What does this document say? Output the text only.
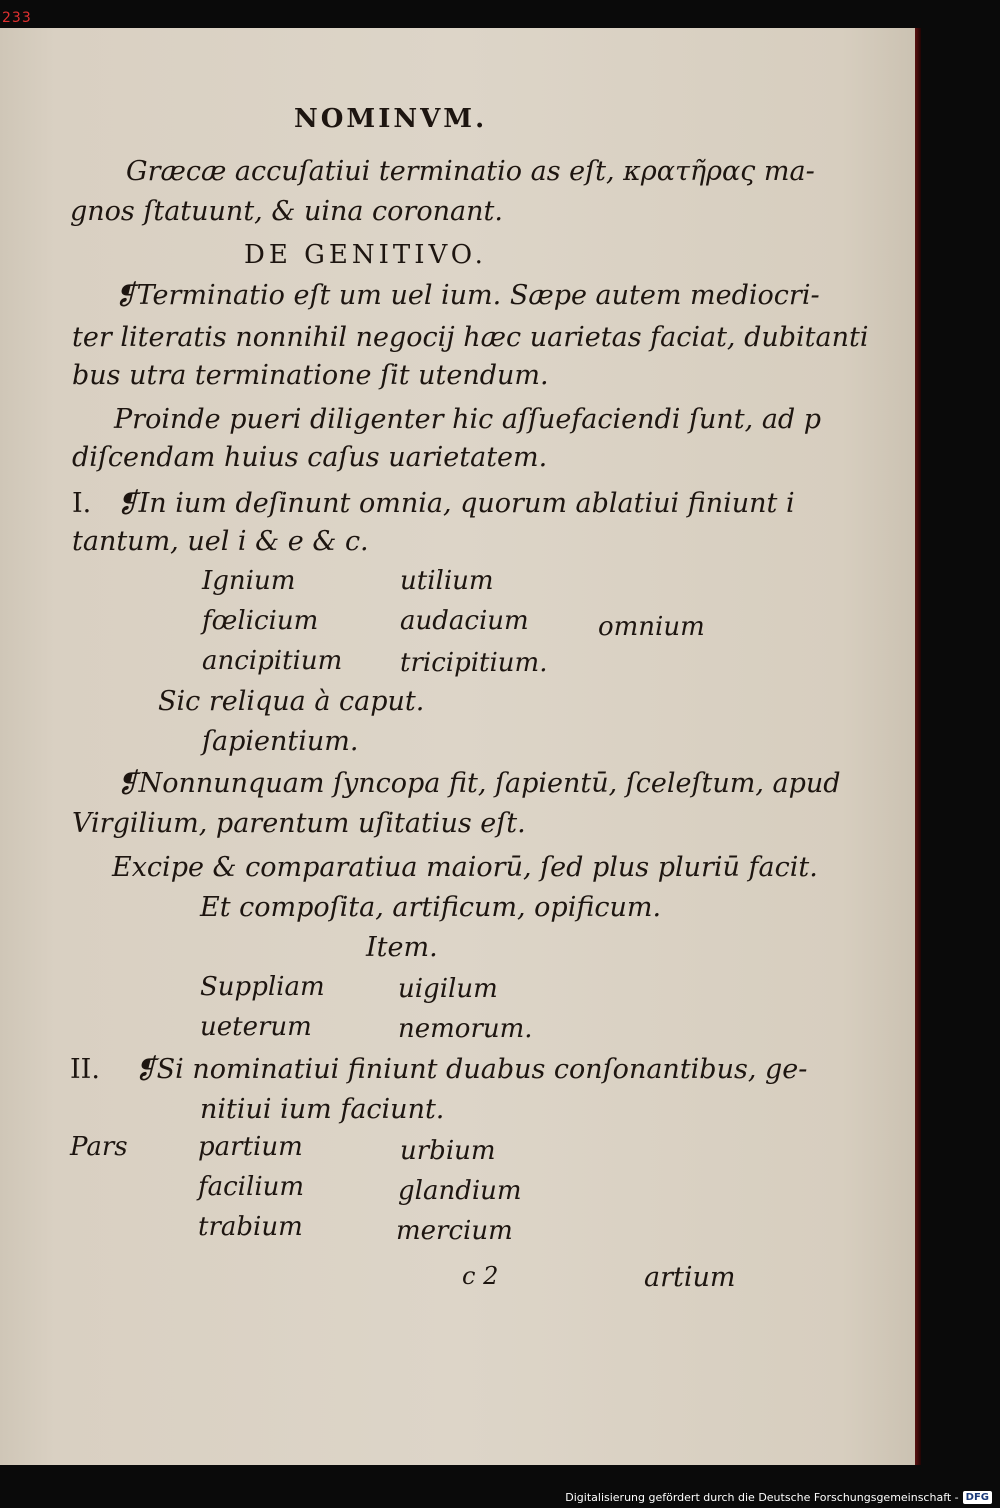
233
NOMINVM.
Græcæ accuſatiui terminatio as eſt, κρατῆρας ma-
gnos ſtatuunt, & uina coronant.
DE GENITIVO.
❡Terminatio eſt um uel ium. Sæpe autem mediocri-
ter literatis nonnihil negocij hæc uarietas faciat, dubitanti
bus utra terminatione ſit utendum.
Proinde pueri diligenter hic aſſuefaciendi ſunt, ad p
diſcendam huius caſus uarietatem.
I. ❡In ium deſinunt omnia, quorum ablatiui finiunt i
tantum, uel i & e & c.
Ignium	utilium
fœlicium	audacium	omnium
ancipitium tricipitium.
Sic reliqua à caput.
ſapientium.
❡Nonnunquam ſyncopa fit, ſapientū, ſceleſtum, apud
Virgilium, parentum uſitatius eſt.
Excipe & comparatiua maiorū, ſed plus pluriū facit.
Et compoſita, artificum, opificum.
Item.
Suppliam	uigilum
ueterum	nemorum.
II. ❡Si nominatiui finiunt duabus conſonantibus, ge-
nitiui ium faciunt.
Pars	partium	urbium
facilium	glandium
trabium	mercium
c 2	artium
Digitalisierung gefördert durch die Deutsche Forschungsgemeinschaft - DFG
